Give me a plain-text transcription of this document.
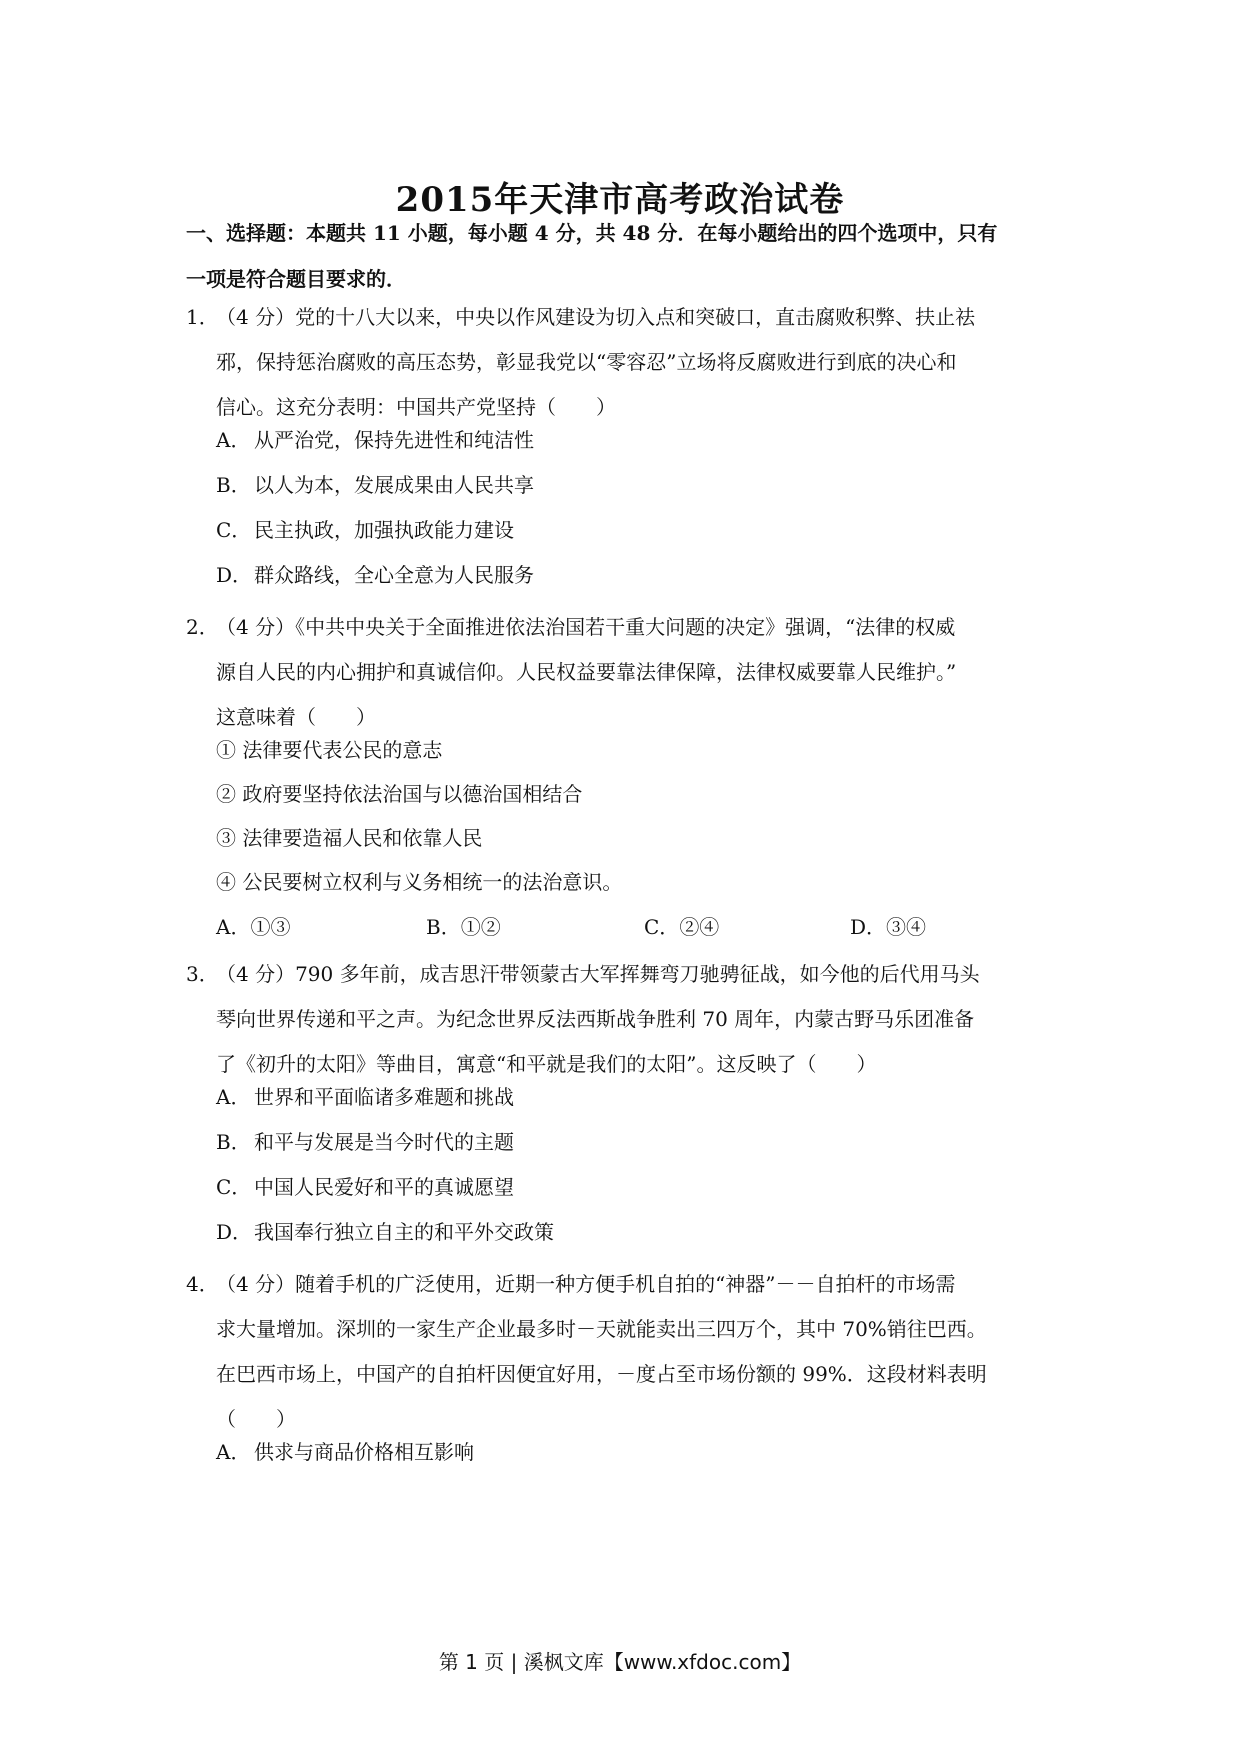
2015年天津市高考政治试卷
一、选择题：本题共 11 小题，每小题 4 分，共 48 分．在每小题给出的四个选项中，只有
一项是符合题目要求的．
1．
（4 分）党的十八大以来，中央以作风建设为切入点和突破口，直击腐败积弊、扶止祛
邪，保持惩治腐败的高压态势，彰显我党以“零容忍”立场将反腐败进行到底的决心和
信心。这充分表明：中国共产党坚持（　　）
A． 从严治党，保持先进性和纯洁性
B． 以人为本，发展成果由人民共享
C． 民主执政，加强执政能力建设
D．群众路线，全心全意为人民服务
2．
（4 分）《中共中央关于全面推进依法治国若干重大问题的决定》强调，“法律的权威
源自人民的内心拥护和真诚信仰。人民权益要靠法律保障，法律权威要靠人民维护。”
这意味着（　　）
① 法律要代表公民的意志
② 政府要坚持依法治国与以德治国相结合
③ 法律要造福人民和依靠人民
④ 公民要树立权利与义务相统一的法治意识。
A．①③	B．①②	C．②④	D．③④
3．
（4 分）790 多年前，成吉思汗带领蒙古大军挥舞弯刀驰骋征战，如今他的后代用马头
琴向世界传递和平之声。为纪念世界反法西斯战争胜利 70 周年，内蒙古野马乐团准备
了《初升的太阳》等曲目，寓意“和平就是我们的太阳”。这反映了（　　）
A． 世界和平面临诸多难题和挑战
B． 和平与发展是当今时代的主题
C． 中国人民爱好和平的真诚愿望
D．我国奉行独立自主的和平外交政策
4．
（4 分）随着手机的广泛使用，近期一种方便手机自拍的“神器”－－自拍杆的市场需
求大量增加。深圳的一家生产企业最多时－天就能卖出三四万个，其中 70%销往巴西。
在巴西市场上，中国产的自拍杆因便宜好用，－度占至市场份额的 99%．这段材料表明
（　　）
A． 供求与商品价格相互影响
第 1 页 | 溪枫文库【www.xfdoc.com】
